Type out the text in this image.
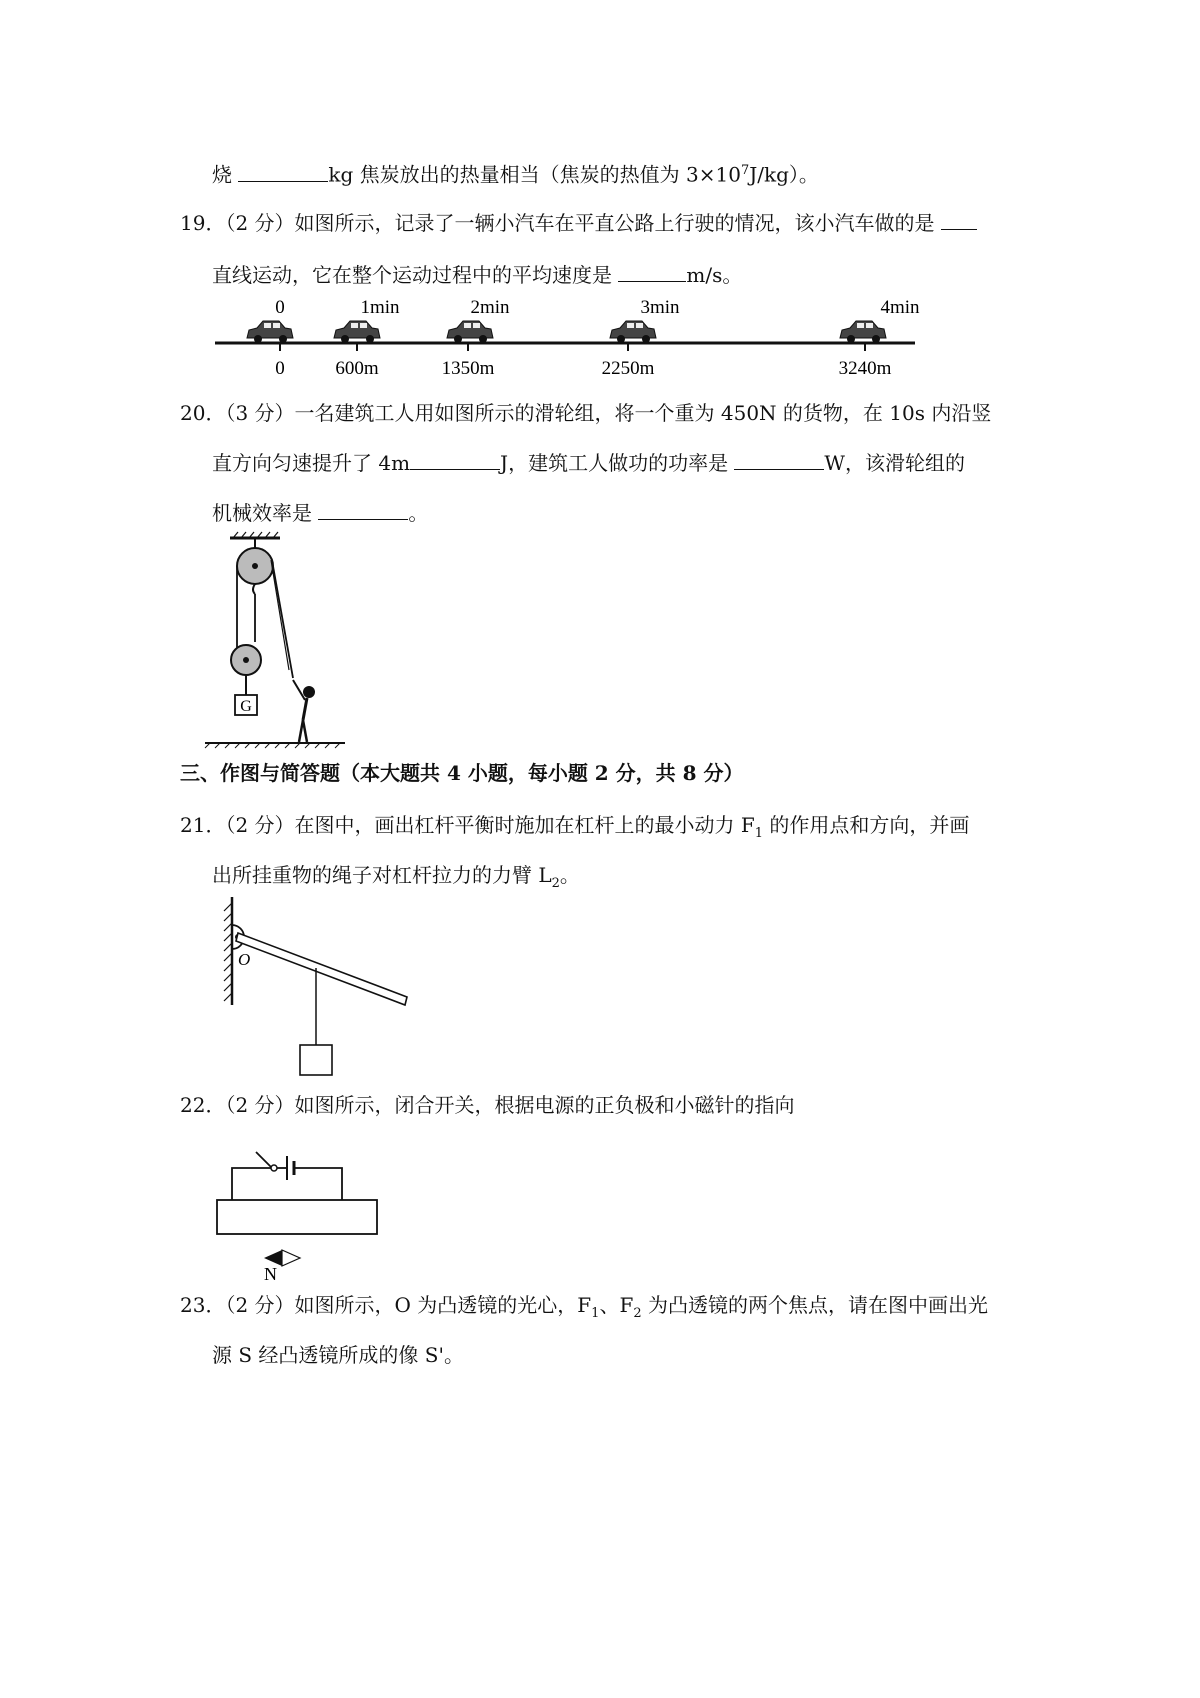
烧	kg 焦炭放出的热量相当（焦炭的热值为 $3\times 10^7J/kg$）。
19．（2 分）如图所示，记录了一辆小汽车在平直公路上行驶的情况，该小汽车做的是
直线运动，它在整个运动过程中的平均速度是	m/s。
0	1min	2min	3min	4min
0	600m	1350m	2250m	3240m
20．（3 分）一名建筑工人用如图所示的滑轮组，将一个重为 450N 的货物，在 10s 内沿竖
直方向匀速提升了 4m	J，建筑工人做功的功率是	W，该滑轮组的
机械效率是	。
G
三、作图与简答题（本大题共 4 小题，每小题 2 分，共 8 分）
21．（2 分）在图中，画出杠杆平衡时施加在杠杆上的最小动力 $F_1$ 的作用点和方向，并画
出所挂重物的绳子对杠杆拉力的力臂 $L_2$。
O
22．（2 分）如图所示，闭合开关，根据电源的正负极和小磁针的指向
N
23．（2 分）如图所示，O 为凸透镜的光心，$F_1$、$F_2$ 为凸透镜的两个焦点，请在图中画出光
源 S 经凸透镜所成的像 S'。
